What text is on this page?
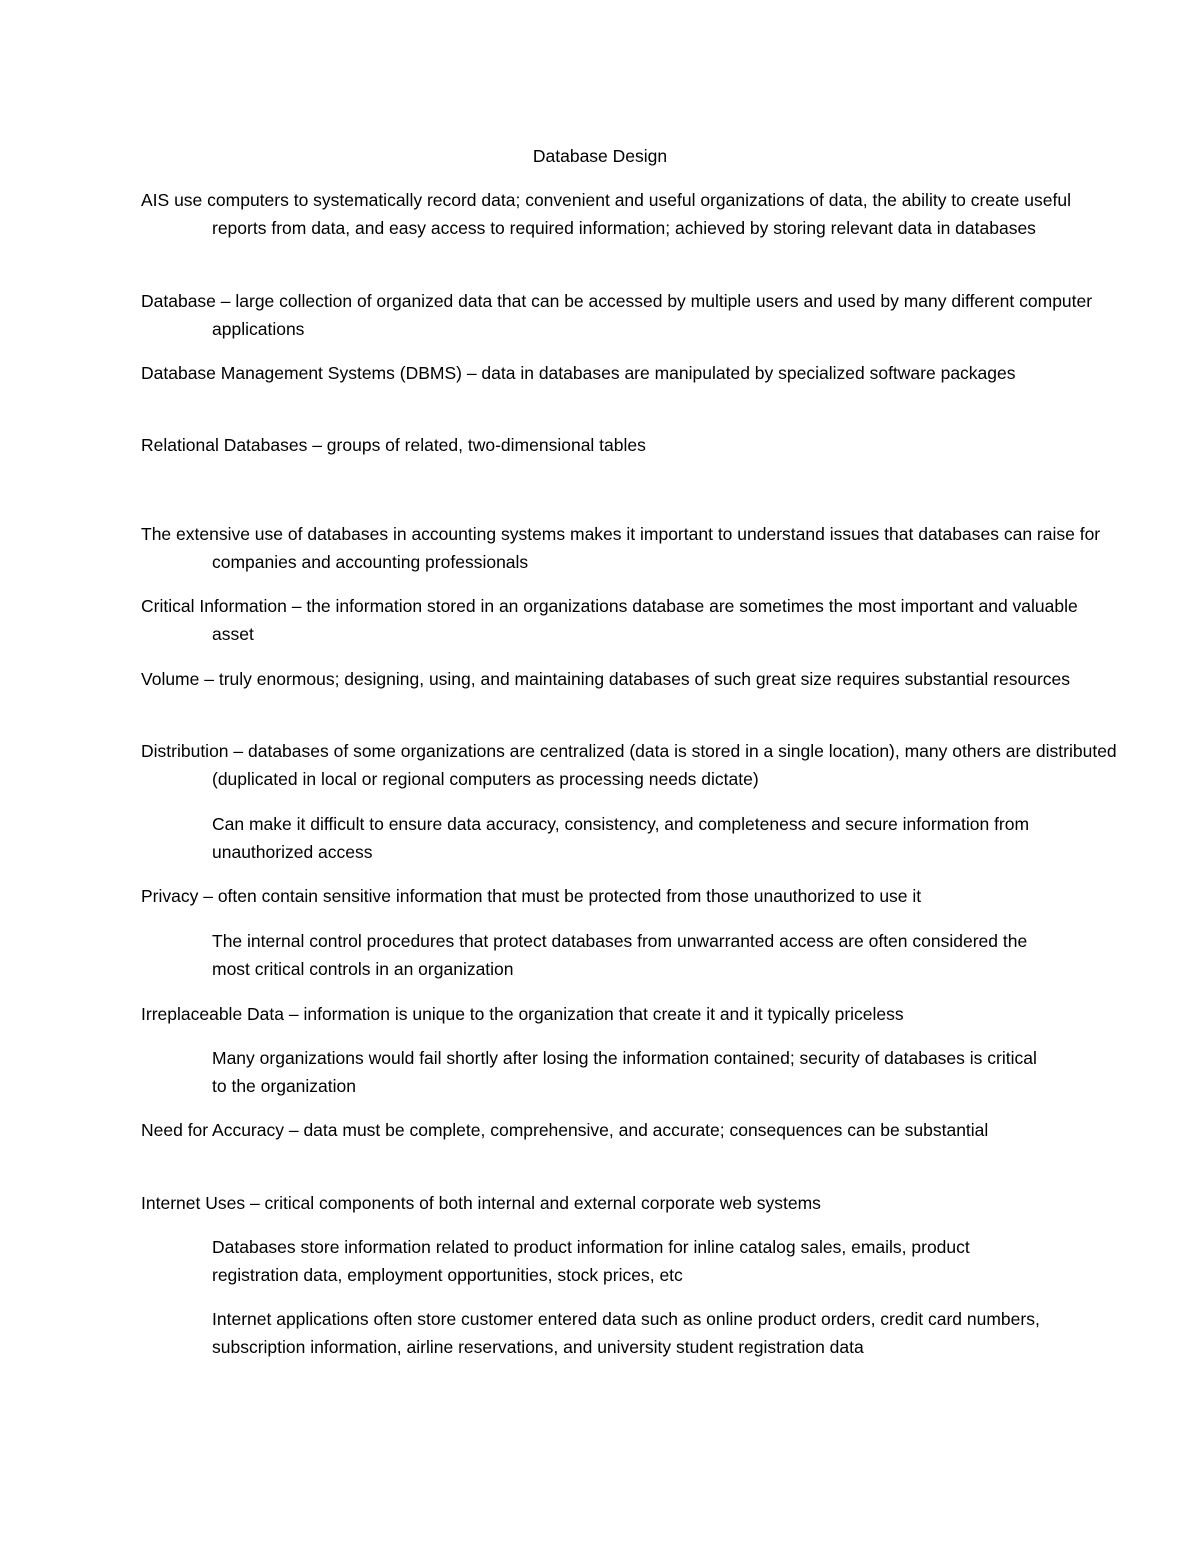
Database Design

AIS use computers to systematically record data; convenient and useful organizations of data, the ability to create useful reports from data, and easy access to required information; achieved by storing relevant data in databases

Database – large collection of organized data that can be accessed by multiple users and used by many different computer applications

Database Management Systems (DBMS) – data in databases are manipulated by specialized software packages

Relational Databases – groups of related, two-dimensional tables

The extensive use of databases in accounting systems makes it important to understand issues that databases can raise for companies and accounting professionals

Critical Information – the information stored in an organizations database are sometimes the most important and valuable asset

Volume – truly enormous; designing, using, and maintaining databases of such great size requires substantial resources

Distribution – databases of some organizations are centralized (data is stored in a single location), many others are distributed (duplicated in local or regional computers as processing needs dictate)

Can make it difficult to ensure data accuracy, consistency, and completeness and secure information from unauthorized access

Privacy – often contain sensitive information that must be protected from those unauthorized to use it

The internal control procedures that protect databases from unwarranted access are often considered the most critical controls in an organization

Irreplaceable Data – information is unique to the organization that create it and it typically priceless

Many organizations would fail shortly after losing the information contained; security of databases is critical to the organization

Need for Accuracy – data must be complete, comprehensive, and accurate; consequences can be substantial

Internet Uses – critical components of both internal and external corporate web systems

Databases store information related to product information for inline catalog sales, emails, product registration data, employment opportunities, stock prices, etc

Internet applications often store customer entered data such as online product orders, credit card numbers, subscription information, airline reservations, and university student registration data
